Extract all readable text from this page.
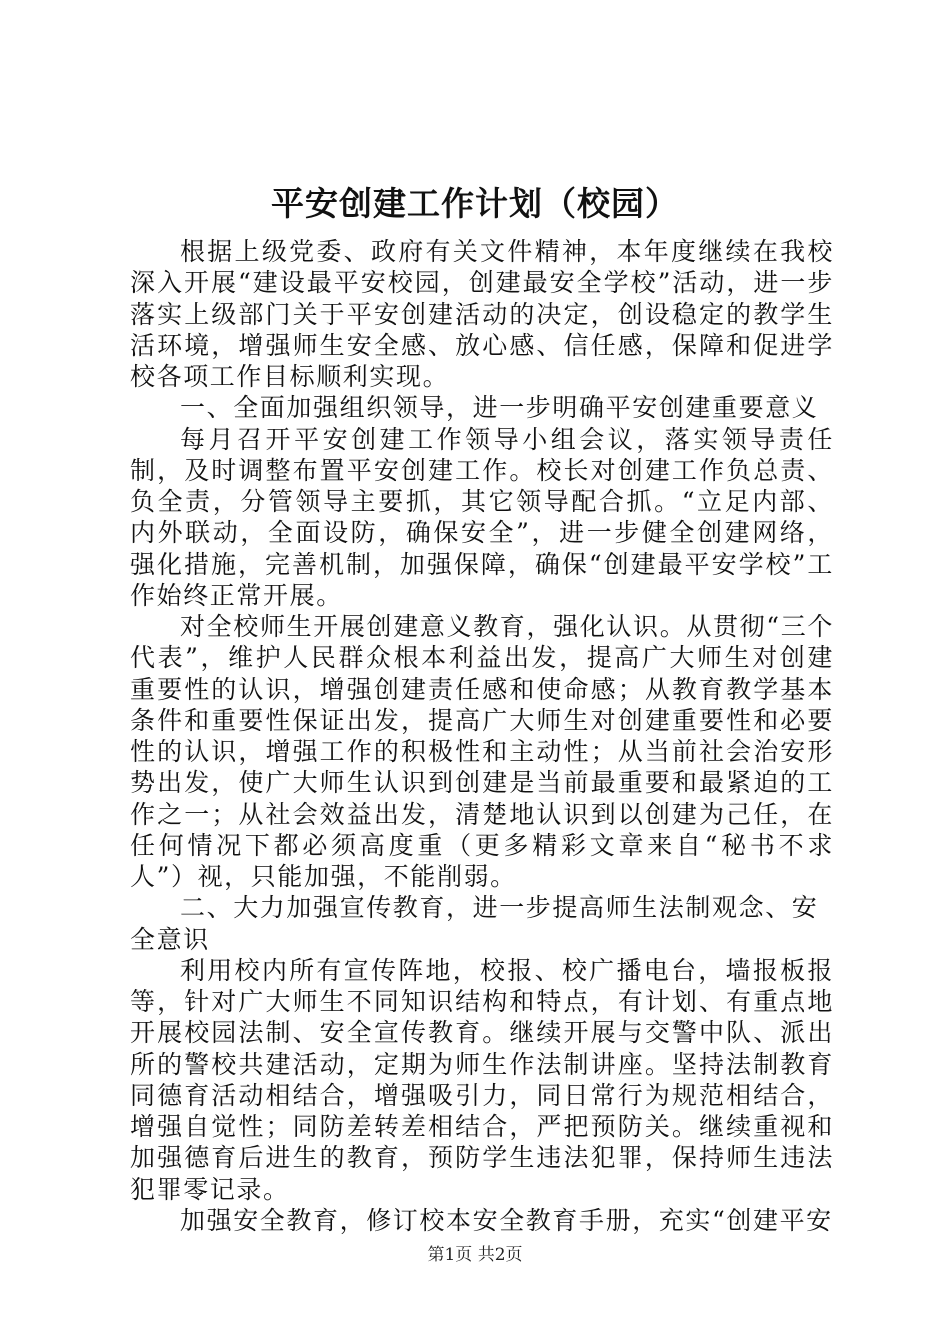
平安创建工作计划（校园）

根据上级党委、政府有关文件精神，本年度继续在我校深入开展“建设最平安校园，创建最安全学校”活动，进一步落实上级部门关于平安创建活动的决定，创设稳定的教学生活环境，增强师生安全感、放心感、信任感，保障和促进学校各项工作目标顺利实现。

一、全面加强组织领导，进一步明确平安创建重要意义

每月召开平安创建工作领导小组会议，落实领导责任制，及时调整布置平安创建工作。校长对创建工作负总责、负全责，分管领导主要抓，其它领导配合抓。“立足内部、内外联动，全面设防，确保安全”，进一步健全创建网络，强化措施，完善机制，加强保障，确保“创建最平安学校”工作始终正常开展。

对全校师生开展创建意义教育，强化认识。从贯彻“三个代表”，维护人民群众根本利益出发，提高广大师生对创建重要性的认识，增强创建责任感和使命感；从教育教学基本条件和重要性保证出发，提高广大师生对创建重要性和必要性的认识，增强工作的积极性和主动性；从当前社会治安形势出发，使广大师生认识到创建是当前最重要和最紧迫的工作之一；从社会效益出发，清楚地认识到以创建为己任，在任何情况下都必须高度重（更多精彩文章来自“秘书不求人”）视，只能加强，不能削弱。

二、大力加强宣传教育，进一步提高师生法制观念、安全意识

利用校内所有宣传阵地，校报、校广播电台，墙报板报等，针对广大师生不同知识结构和特点，有计划、有重点地开展校园法制、安全宣传教育。继续开展与交警中队、派出所的警校共建活动，定期为师生作法制讲座。坚持法制教育同德育活动相结合，增强吸引力，同日常行为规范相结合，增强自觉性；同防差转差相结合，严把预防关。继续重视和加强德育后进生的教育，预防学生违法犯罪，保持师生违法犯罪零记录。

加强安全教育，修订校本安全教育手册，充实“创建平安

第1页 共2页
